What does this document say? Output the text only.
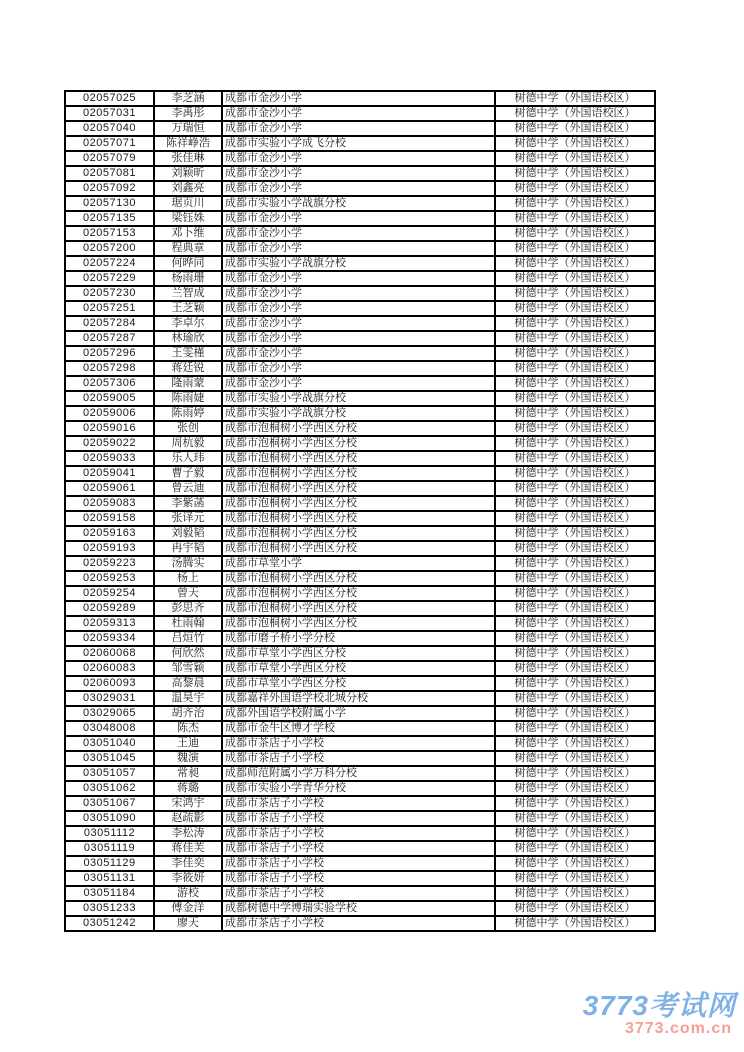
02057025	李芝涵	成都市金沙小学	树德中学（外国语校区）
02057031	李禹彤	成都市金沙小学	树德中学（外国语校区）
02057040	万瑞恒	成都市金沙小学	树德中学（外国语校区）
02057071	陈祥峥浩	成都市实验小学成飞分校	树德中学（外国语校区）
02057079	张佳琳	成都市金沙小学	树德中学（外国语校区）
02057081	刘颖昕	成都市金沙小学	树德中学（外国语校区）
02057092	刘鑫亮	成都市金沙小学	树德中学（外国语校区）
02057130	琚页川	成都市实验小学战旗分校	树德中学（外国语校区）
02057135	梁钰姝	成都市金沙小学	树德中学（外国语校区）
02057153	邓卜维	成都市金沙小学	树德中学（外国语校区）
02057200	程典章	成都市金沙小学	树德中学（外国语校区）
02057224	何晔同	成都市实验小学战旗分校	树德中学（外国语校区）
02057229	杨雨珊	成都市金沙小学	树德中学（外国语校区）
02057230	兰智成	成都市金沙小学	树德中学（外国语校区）
02057251	王芝颖	成都市金沙小学	树德中学（外国语校区）
02057284	李卓尔	成都市金沙小学	树德中学（外国语校区）
02057287	林瑜欣	成都市金沙小学	树德中学（外国语校区）
02057296	王雯槿	成都市金沙小学	树德中学（外国语校区）
02057298	蒋廷锐	成都市金沙小学	树德中学（外国语校区）
02057306	隆雨蒙	成都市金沙小学	树德中学（外国语校区）
02059005	陈雨婕	成都市实验小学战旗分校	树德中学（外国语校区）
02059006	陈雨婷	成都市实验小学战旗分校	树德中学（外国语校区）
02059016	张创	成都市泡桐树小学西区分校	树德中学（外国语校区）
02059022	周杭毅	成都市泡桐树小学西区分校	树德中学（外国语校区）
02059033	乐人玮	成都市泡桐树小学西区分校	树德中学（外国语校区）
02059041	曹子毅	成都市泡桐树小学西区分校	树德中学（外国语校区）
02059061	曾云迪	成都市泡桐树小学西区分校	树德中学（外国语校区）
02059083	李紫菡	成都市泡桐树小学西区分校	树德中学（外国语校区）
02059158	张译元	成都市泡桐树小学西区分校	树德中学（外国语校区）
02059163	刘毅韬	成都市泡桐树小学西区分校	树德中学（外国语校区）
02059193	冉宇韬	成都市泡桐树小学西区分校	树德中学（外国语校区）
02059223	汤腾实	成都市草堂小学	树德中学（外国语校区）
02059253	杨上	成都市泡桐树小学西区分校	树德中学（外国语校区）
02059254	曾天	成都市泡桐树小学西区分校	树德中学（外国语校区）
02059289	彭思齐	成都市泡桐树小学西区分校	树德中学（外国语校区）
02059313	杜雨翰	成都市泡桐树小学西区分校	树德中学（外国语校区）
02059334	吕烜竹	成都市磨子桥小学分校	树德中学（外国语校区）
02060068	何欣然	成都市草堂小学西区分校	树德中学（外国语校区）
02060083	邹雪颖	成都市草堂小学西区分校	树德中学（外国语校区）
02060093	高黎晨	成都市草堂小学西区分校	树德中学（外国语校区）
03029031	温昊宇	成都嘉祥外国语学校北城分校	树德中学（外国语校区）
03029065	胡齐治	成都外国语学校附属小学	树德中学（外国语校区）
03048008	陈杰	成都市金牛区博才学校	树德中学（外国语校区）
03051040	王迪	成都市茶店子小学校	树德中学（外国语校区）
03051045	魏演	成都市茶店子小学校	树德中学（外国语校区）
03051057	常昶	成都师范附属小学万科分校	树德中学（外国语校区）
03051062	蒋璐	成都市实验小学青华分校	树德中学（外国语校区）
03051067	宋鸿宇	成都市茶店子小学校	树德中学（外国语校区）
03051090	赵疏影	成都市茶店子小学校	树德中学（外国语校区）
03051112	李松涛	成都市茶店子小学校	树德中学（外国语校区）
03051119	蒋佳芙	成都市茶店子小学校	树德中学（外国语校区）
03051129	李佳奕	成都市茶店子小学校	树德中学（外国语校区）
03051131	李筱妍	成都市茶店子小学校	树德中学（外国语校区）
03051184	游校	成都市茶店子小学校	树德中学（外国语校区）
03051233	傅金洋	成都树德中学博瑞实验学校	树德中学（外国语校区）
03051242	廖天	成都市茶店子小学校	树德中学（外国语校区）
3773考试网
3773.com.cn
